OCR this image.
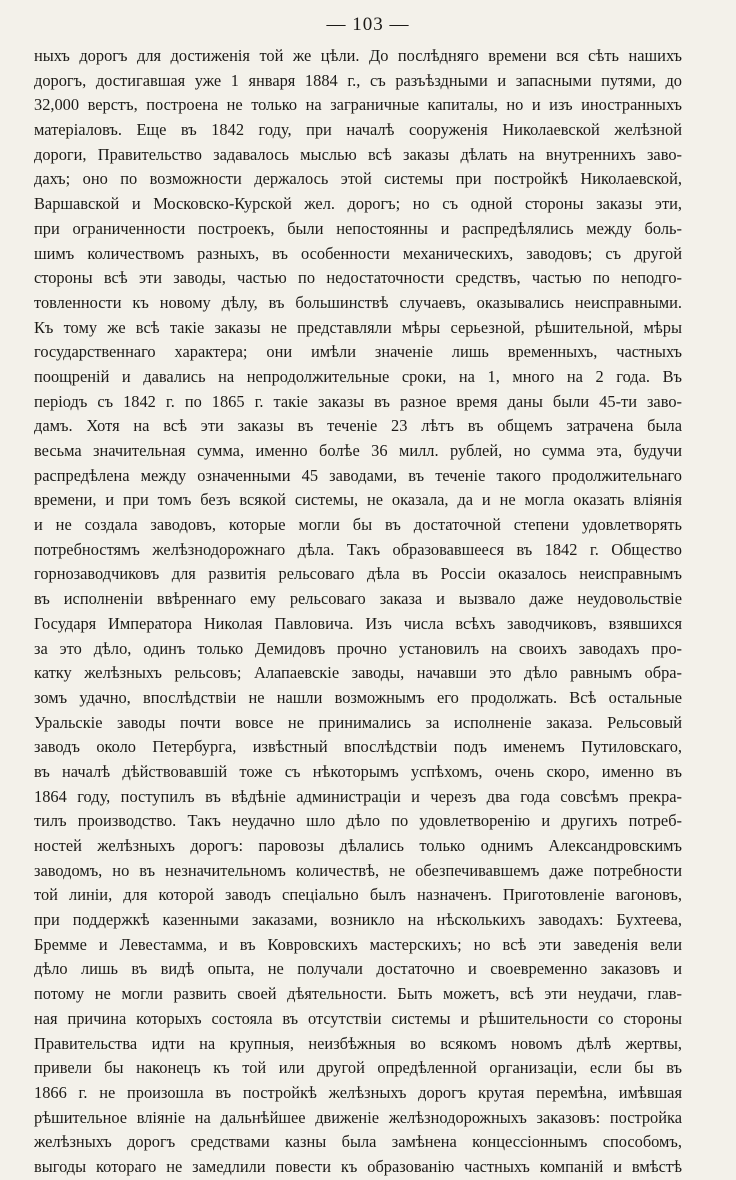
— 103 —
ныхъ дорогъ для достиженія той же цѣли. До послѣдняго времени вся сѣть нашихъ
дорогъ, достигавшая уже 1 января 1884 г., съ разъѣздными и запасными путями, до
32,000 верстъ, построена не только на заграничные капиталы, но и изъ иностранныхъ
матеріаловъ. Еще въ 1842 году, при началѣ сооруженія Николаевской желѣзной
дороги, Правительство задавалось мыслью всѣ заказы дѣлать на внутреннихъ заво-
дахъ; оно по возможности держалось этой системы при постройкѣ Николаевской,
Варшавской и Московско-Курской жел. дорогъ; но съ одной стороны заказы эти,
при ограниченности построекъ, были непостоянны и распредѣлялись между боль-
шимъ количествомъ разныхъ, въ особенности механическихъ, заводовъ; съ другой
стороны всѣ эти заводы, частью по недостаточности средствъ, частью по неподго-
товленности къ новому дѣлу, въ большинствѣ случаевъ, оказывались неисправными.
Къ тому же всѣ такіе заказы не представляли мѣры серьезной, рѣшительной, мѣры
государственнаго характера; они имѣли значеніе лишь временныхъ, частныхъ
поощреній и давались на непродолжительные сроки, на 1, много на 2 года. Въ
періодъ съ 1842 г. по 1865 г. такіе заказы въ разное время даны были 45-ти заво-
дамъ. Хотя на всѣ эти заказы въ теченіе 23 лѣтъ въ общемъ затрачена была
весьма значительная сумма, именно болѣе 36 милл. рублей, но сумма эта, будучи
распредѣлена между означенными 45 заводами, въ теченіе такого продолжительнаго
времени, и при томъ безъ всякой системы, не оказала, да и не могла оказать вліянія
и не создала заводовъ, которые могли бы въ достаточной степени удовлетворять
потребностямъ желѣзнодорожнаго дѣла. Такъ образовавшееся въ 1842 г. Общество
горнозаводчиковъ для развитія рельсоваго дѣла въ Россіи оказалось неисправнымъ
въ исполненіи ввѣреннаго ему рельсоваго заказа и вызвало даже неудовольствіе
Государя Императора Николая Павловича. Изъ числа всѣхъ заводчиковъ, взявшихся
за это дѣло, одинъ только Демидовъ прочно установилъ на своихъ заводахъ про-
катку желѣзныхъ рельсовъ; Алапаевскіе заводы, начавши это дѣло равнымъ обра-
зомъ удачно, впослѣдствіи не нашли возможнымъ его продолжать. Всѣ остальные
Уральскіе заводы почти вовсе не принимались за исполненіе заказа. Рельсовый
заводъ около Петербурга, извѣстный впослѣдствіи подъ именемъ Путиловскаго,
въ началѣ дѣйствовавшій тоже съ нѣкоторымъ успѣхомъ, очень скоро, именно въ
1864 году, поступилъ въ вѣдѣніе администраціи и черезъ два года совсѣмъ прекра-
тилъ производство. Такъ неудачно шло дѣло по удовлетворенію и другихъ потреб-
ностей желѣзныхъ дорогъ: паровозы дѣлались только однимъ Александровскимъ
заводомъ, но въ незначительномъ количествѣ, не обезпечивавшемъ даже потребности
той линіи, для которой заводъ спеціально былъ назначенъ. Приготовленіе вагоновъ,
при поддержкѣ казенными заказами, возникло на нѣсколькихъ заводахъ: Бухтеева,
Бремме и Левестамма, и въ Ковровскихъ мастерскихъ; но всѣ эти заведенія вели
дѣло лишь въ видѣ опыта, не получали достаточно и своевременно заказовъ и
потому не могли развить своей дѣятельности. Быть можетъ, всѣ эти неудачи, глав-
ная причина которыхъ состояла въ отсутствіи системы и рѣшительности со стороны
Правительства идти на крупныя, неизбѣжныя во всякомъ новомъ дѣлѣ жертвы,
привели бы наконецъ къ той или другой опредѣленной организаціи, если бы въ
1866 г. не произошла въ постройкѣ желѣзныхъ дорогъ крутая перемѣна, имѣвшая
рѣшительное вліяніе на дальнѣйшее движеніе желѣзнодорожныхъ заказовъ: постройка
желѣзныхъ дорогъ средствами казны была замѣнена концессіоннымъ способомъ,
выгоды котораго не замедлили повести къ образованію частныхъ компаній и вмѣстѣ
